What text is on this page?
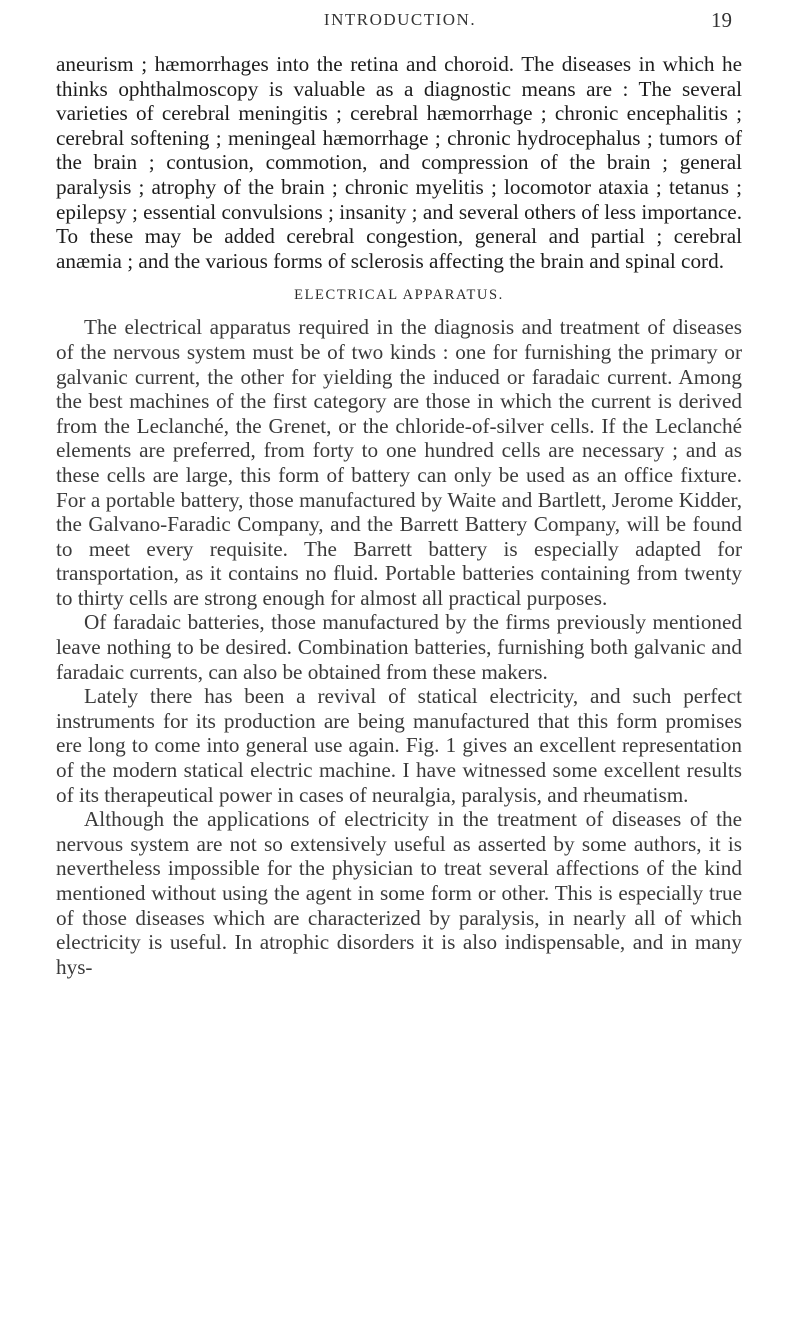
INTRODUCTION.	19

aneurism ; hæmorrhages into the retina and choroid. The diseases in which he thinks ophthalmoscopy is valuable as a diagnostic means are : The several varieties of cerebral meningitis ; cerebral hæmorrhage ; chronic encephalitis ; cerebral softening ; meningeal hæmorrhage ; chronic hydrocephalus ; tumors of the brain ; contusion, commotion, and compression of the brain ; general paralysis ; atrophy of the brain ; chronic myelitis ; locomotor ataxia ; tetanus ; epilepsy ; essential convulsions ; insanity ; and several others of less importance. To these may be added cerebral congestion, general and partial ; cerebral anæmia ; and the various forms of sclerosis affecting the brain and spinal cord.

ELECTRICAL APPARATUS.

The electrical apparatus required in the diagnosis and treatment of diseases of the nervous system must be of two kinds : one for furnishing the primary or galvanic current, the other for yielding the induced or faradaic current. Among the best machines of the first category are those in which the current is derived from the Leclanché, the Grenet, or the chloride-of-silver cells. If the Leclanché elements are preferred, from forty to one hundred cells are necessary ; and as these cells are large, this form of battery can only be used as an office fixture. For a portable battery, those manufactured by Waite and Bartlett, Jerome Kidder, the Galvano-Faradic Company, and the Barrett Battery Company, will be found to meet every requisite. The Barrett battery is especially adapted for transportation, as it contains no fluid. Portable batteries containing from twenty to thirty cells are strong enough for almost all practical purposes.

Of faradaic batteries, those manufactured by the firms previously mentioned leave nothing to be desired. Combination batteries, furnishing both galvanic and faradaic currents, can also be obtained from these makers.

Lately there has been a revival of statical electricity, and such perfect instruments for its production are being manufactured that this form promises ere long to come into general use again. Fig. 1 gives an excellent representation of the modern statical electric machine. I have witnessed some excellent results of its therapeutical power in cases of neuralgia, paralysis, and rheumatism.

Although the applications of electricity in the treatment of diseases of the nervous system are not so extensively useful as asserted by some authors, it is nevertheless impossible for the physician to treat several affections of the kind mentioned without using the agent in some form or other. This is especially true of those diseases which are characterized by paralysis, in nearly all of which electricity is useful. In atrophic disorders it is also indispensable, and in many hys-
